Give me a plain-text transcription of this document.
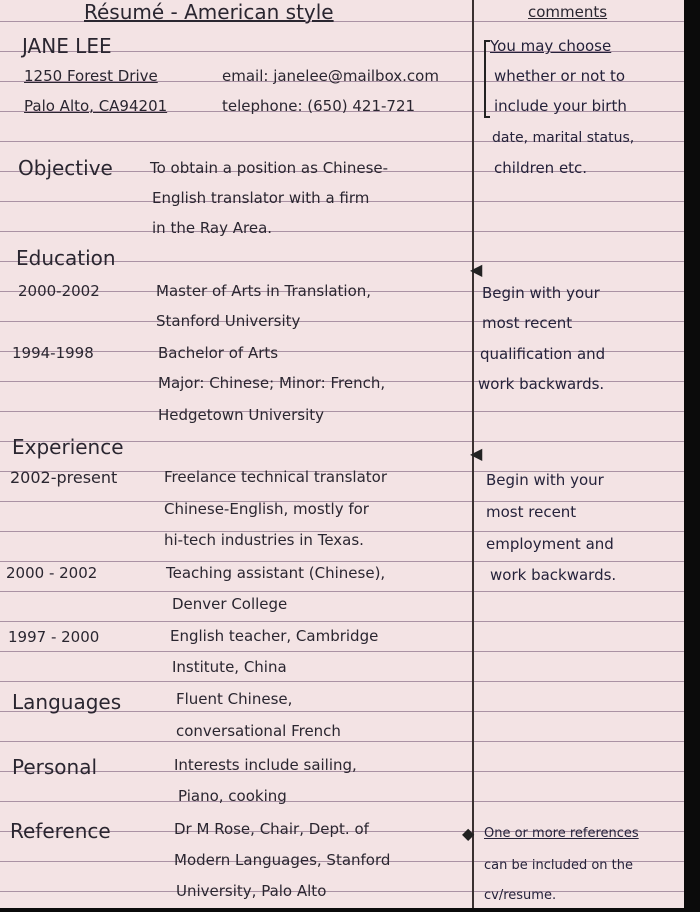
Résumé - American style	comments
JANE LEE
1250 Forest Drive
Palo Alto, CA94201
email: janelee@mailbox.com
telephone: (650) 421-721
Objective To obtain a position as Chinese-
English translator with a firm
in the Ray Area.
Education
2000-2002	Master of Arts in Translation,
Stanford University
1994-1998	Bachelor of Arts
Major: Chinese; Minor: French,
Hedgetown University
Experience
2002-present	Freelance technical translator
Chinese-English, mostly for
hi-tech industries in Texas.
2000 - 2002	Teaching assistant (Chinese),
Denver College
1997 - 2000	English teacher, Cambridge
Institute, China
Languages	Fluent Chinese,
conversational French
Personal	Interests include sailing,
Piano, cooking
Reference	Dr M Rose, Chair, Dept. of
Modern Languages, Stanford
University, Palo Alto
You may choose
whether or not to
include your birth
date, marital status,
children etc.
◀
Begin with your
most recent
qualification and
work backwards.
◀
Begin with your
most recent
employment and
work backwards.
◆ One or more references
can be included on the
cv/resume.
